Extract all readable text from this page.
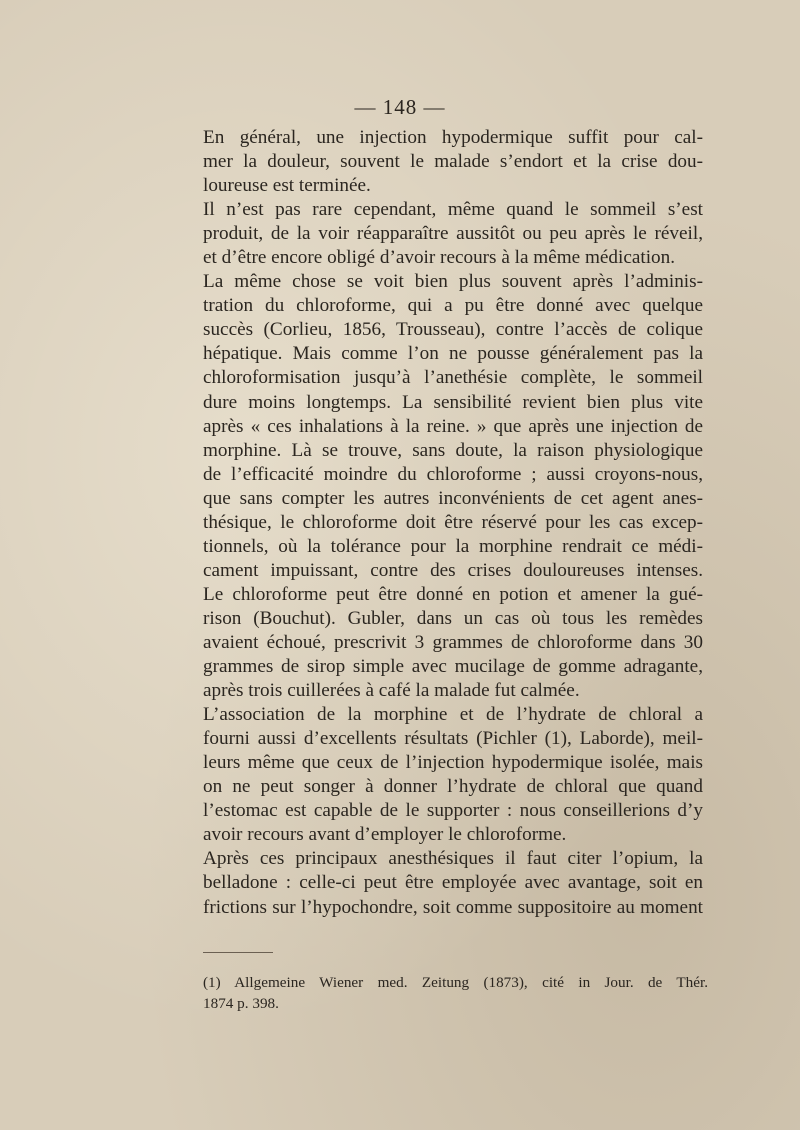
— 148 —
En général, une injection hypodermique suffit pour cal-
mer la douleur, souvent le malade s’endort et la crise dou-
loureuse est terminée.
Il n’est pas rare cependant, même quand le sommeil s’est
produit, de la voir réapparaître aussitôt ou peu après le réveil,
et d’être encore obligé d’avoir recours à la même médication.
La même chose se voit bien plus souvent après l’adminis-
tration du chloroforme, qui a pu être donné avec quelque
succès (Corlieu, 1856, Trousseau), contre l’accès de colique
hépatique. Mais comme l’on ne pousse généralement pas la
chloroformisation jusqu’à l’anethésie complète, le sommeil
dure moins longtemps. La sensibilité revient bien plus vite
après « ces inhalations à la reine. » que après une injection de
morphine. Là se trouve, sans doute, la raison physiologique
de l’efficacité moindre du chloroforme ; aussi croyons-nous,
que sans compter les autres inconvénients de cet agent anes-
thésique, le chloroforme doit être réservé pour les cas excep-
tionnels, où la tolérance pour la morphine rendrait ce médi-
cament impuissant, contre des crises douloureuses intenses.
Le chloroforme peut être donné en potion et amener la gué-
rison (Bouchut). Gubler, dans un cas où tous les remèdes
avaient échoué, prescrivit 3 grammes de chloroforme dans 30
grammes de sirop simple avec mucilage de gomme adragante,
après trois cuillerées à café la malade fut calmée.
L’association de la morphine et de l’hydrate de chloral a
fourni aussi d’excellents résultats (Pichler (1), Laborde), meil-
leurs même que ceux de l’injection hypodermique isolée, mais
on ne peut songer à donner l’hydrate de chloral que quand
l’estomac est capable de le supporter : nous conseillerions d’y
avoir recours avant d’employer le chloroforme.
Après ces principaux anesthésiques il faut citer l’opium, la
belladone : celle-ci peut être employée avec avantage, soit en
frictions sur l’hypochondre, soit comme suppositoire au moment
(1) Allgemeine Wiener med. Zeitung (1873), cité in Jour. de Thér.
1874 p. 398.
